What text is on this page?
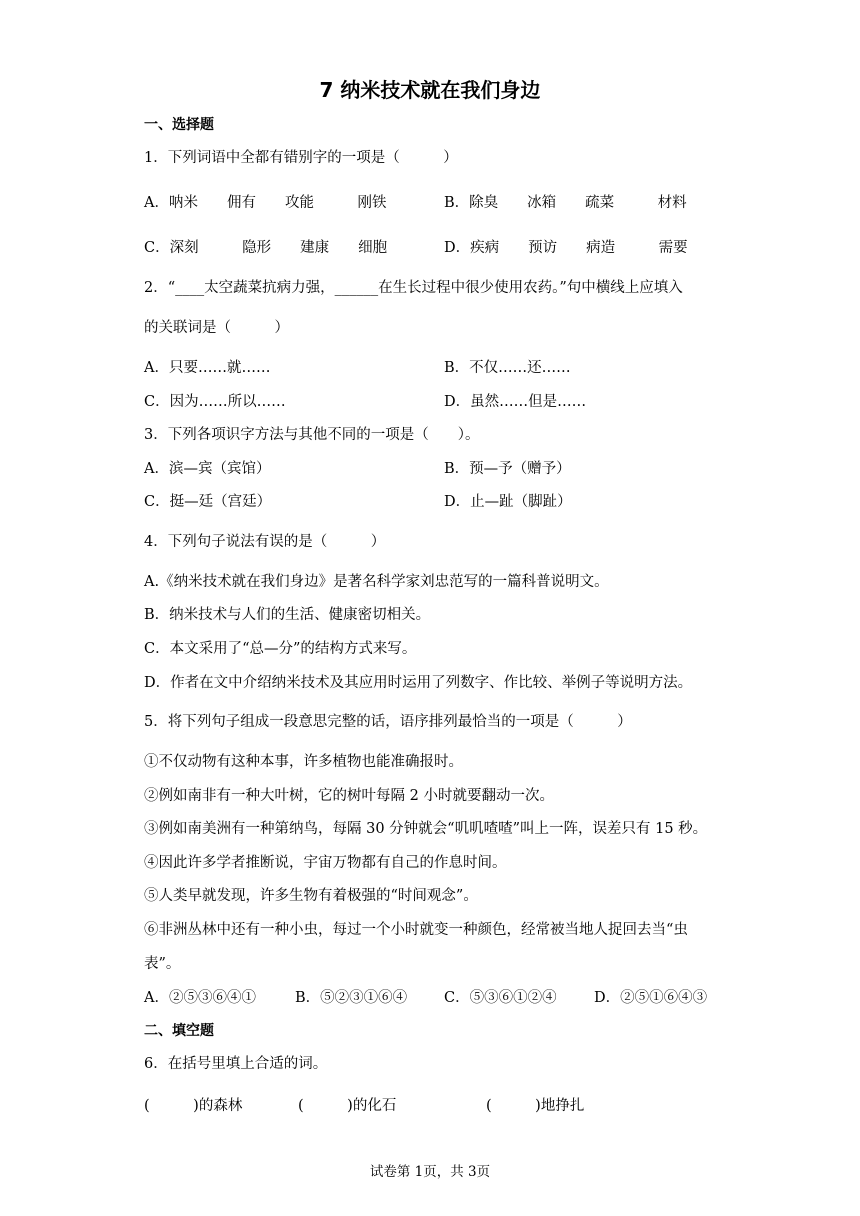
7 纳米技术就在我们身边
一、选择题
1．下列词语中全都有错别字的一项是（　　　）
A．呐米　　佣有　　攻能　　　刚铁	B．除臭　　冰箱　　疏菜　　　材料
C．深刻　　　隐形　　建康　　细胞	D．疾病　　预访　　病造　　　需要
2．“____太空蔬菜抗病力强，______在生长过程中很少使用农药。”句中横线上应填入
的关联词是（　　　）
A．只要……就……	B．不仅……还……
C．因为……所以……	D．虽然……但是……
3．下列各项识字方法与其他不同的一项是（　　）。
A．滨—宾（宾馆）	B．预—予（赠予）
C．挺—廷（宫廷）	D．止—趾（脚趾）
4．下列句子说法有误的是（　　　）
A.《纳米技术就在我们身边》是著名科学家刘忠范写的一篇科普说明文。
B．纳米技术与人们的生活、健康密切相关。
C．本文采用了“总—分”的结构方式来写。
D．作者在文中介绍纳米技术及其应用时运用了列数字、作比较、举例子等说明方法。
5．将下列句子组成一段意思完整的话，语序排列最恰当的一项是（　　　）
①不仅动物有这种本事，许多植物也能准确报时。
②例如南非有一种大叶树，它的树叶每隔 2 小时就要翻动一次。
③例如南美洲有一种第纳鸟，每隔 30 分钟就会“叽叽喳喳”叫上一阵，误差只有 15 秒。
④因此许多学者推断说，宇宙万物都有自己的作息时间。
⑤人类早就发现，许多生物有着极强的“时间观念”。
⑥非洲丛林中还有一种小虫，每过一个小时就变一种颜色，经常被当地人捉回去当“虫
表”。
A．②⑤③⑥④①	B．⑤②③①⑥④	C．⑤③⑥①②④	D．②⑤①⑥④③
二、填空题
6．在括号里填上合适的词。
(　　　)的森林	(　　　)的化石	(　　　)地挣扎
试卷第 1页，共 3页
